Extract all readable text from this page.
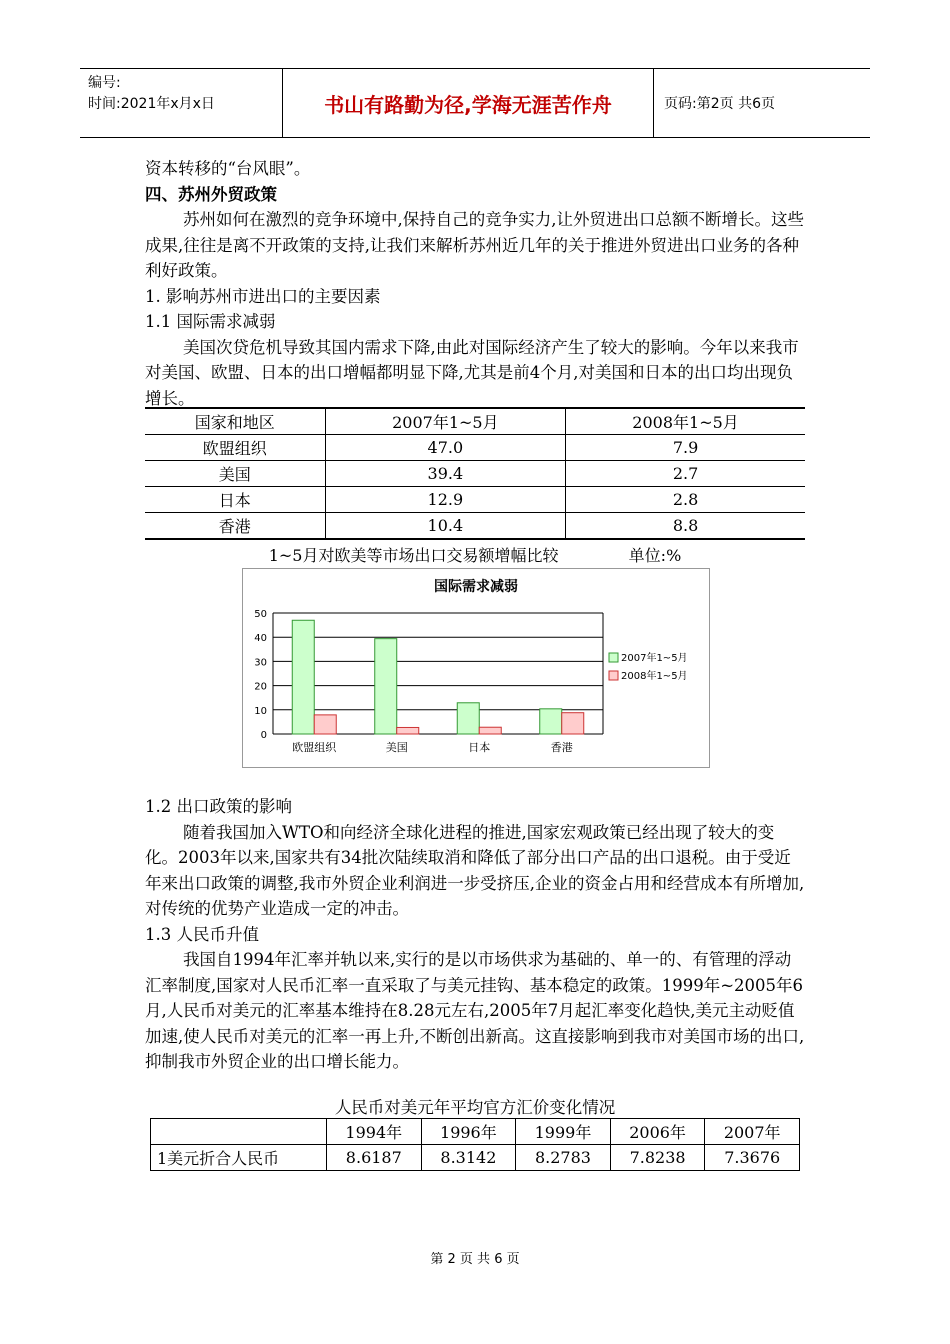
编号:
时间:2021年x月x日	书山有路勤为径,学海无涯苦作舟	页码:第2页 共6页

资本转移的“台风眼”。

四、苏州外贸政策

苏州如何在激烈的竞争环境中,保持自己的竞争实力,让外贸进出口总额不断增长。这些成果,往往是离不开政策的支持,让我们来解析苏州近几年的关于推进外贸进出口业务的各种利好政策。

1. 影响苏州市进出口的主要因素

1.1 国际需求减弱

美国次贷危机导致其国内需求下降,由此对国际经济产生了较大的影响。今年以来我市对美国、欧盟、日本的出口增幅都明显下降,尤其是前4个月,对美国和日本的出口均出现负增长。

国家和地区	2007年1~5月	2008年1~5月
欧盟组织	47.0	7.9
美国	39.4	2.7
日本	12.9	2.8
香港	10.4	8.8
1~5月对欧美等市场出口交易额增幅比较	单位:%
国际需求减弱
0
10
20
30
40
50
欧盟组织	美国	日本	香港
2007年1~5月
2008年1~5月

1.2 出口政策的影响

随着我国加入WTO和向经济全球化进程的推进,国家宏观政策已经出现了较大的变化。2003年以来,国家共有34批次陆续取消和降低了部分出口产品的出口退税。由于受近年来出口政策的调整,我市外贸企业利润进一步受挤压,企业的资金占用和经营成本有所增加,对传统的优势产业造成一定的冲击。

1.3 人民币升值

我国自1994年汇率并轨以来,实行的是以市场供求为基础的、单一的、有管理的浮动汇率制度,国家对人民币汇率一直采取了与美元挂钩、基本稳定的政策。1999年~2005年6月,人民币对美元的汇率基本维持在8.28元左右,2005年7月起汇率变化趋快,美元主动贬值加速,使人民币对美元的汇率一再上升,不断创出新高。这直接影响到我市对美国市场的出口,抑制我市外贸企业的出口增长能力。

人民币对美元年平均官方汇价变化情况
	1994年	1996年	1999年	2006年	2007年
1美元折合人民币	8.6187	8.3142	8.2783	7.8238	7.3676
第 2 页 共 6 页
